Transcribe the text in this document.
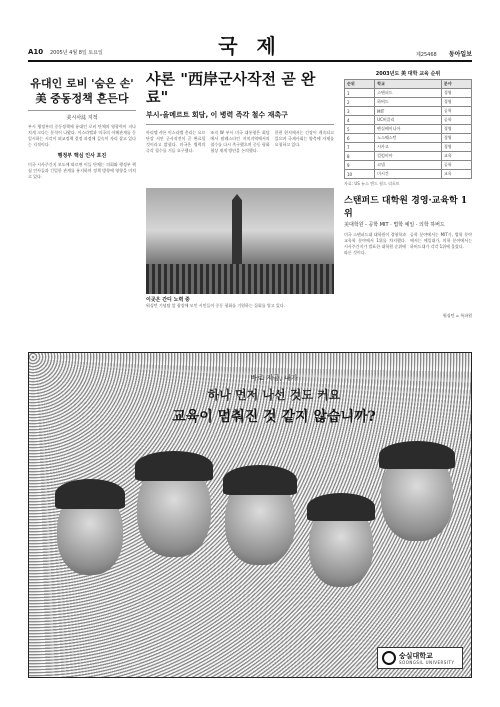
A10 2005년 4월 8일 토요일	국 제	제25468 동아일보
유대인 로비 '숨은 손' 美 중동정책 흔든다
美시사誌 지적
부시 행정부의 중동정책에 유대인 로비 단체의 영향력이 지나치게 크다는 분석이 나왔다. 이스라엘과 미국의 이해관계를 동일시하는 시각이 외교정책 결정 과정에 깊숙이 자리 잡고 있다는 지적이다.
행정부 핵심 인사 포진
미국 시사주간지 보도에 따르면 이들 단체는 의회와 행정부 핵심 인사들과 긴밀한 관계를 유지하며 정책 방향에 영향을 미치고 있다.
샤론 "西岸군사작전 곧 완료"
부시-올메르트 회담, 이 병력 즉각 철수 재촉구
아리엘 샤론 이스라엘 총리는 요르단강 서안 군사작전이 곧 완료될 것이라고 밝혔다. 미국은 병력의 즉각 철수를 거듭 요구했다.
조지 W 부시 미국 대통령은 회담에서 팔레스타인 자치지역에서의 철수를 다시 촉구했으며 중동 평화 협상 재개 방안을 논의했다.
한편 현지에서는 긴장이 계속되고 있으며 국제사회는 양측에 자제를 요청하고 있다.
이곳은 간디 노력 중
워싱턴 기념탑 앞 광장에 모인 시민들이 중동 평화를 기원하는 집회를 열고 있다.
2003년도 美 대학 교육 순위
순위	학교	분야
1	스탠퍼드	경영
2	하버드	경영
3	MIT	공학
4	UC버클리	공학
5	펜실베이니아	경영
6	노스웨스턴	경영
7	시카고	경영
8	컬럼비아	교육
9	코넬	공학
10	미시간	교육
자료: US 뉴스 앤드 월드 리포트
스탠퍼드 대학원 경영·교육학 1위
美대학원 - 공학 MIT · 법학 예일 · 의학 하버드
미국 스탠퍼드대 대학원이 경영학과 교육학 분야에서 1위를 차지했다. 시사주간지가 발표한 대학원 순위에 따른 것이다.
공학 분야에서는 MIT가, 법학 분야에서는 예일대가, 의학 분야에서는 하버드대가 각각 1위에 올랐다.
워싱턴 = 특파원
바로 지금, 내가
하나 먼저 나선 것도 커요
교육이 멈춰진 것 같지 않습니까?
숭실대학교
SOONGSIL UNIVERSITY
